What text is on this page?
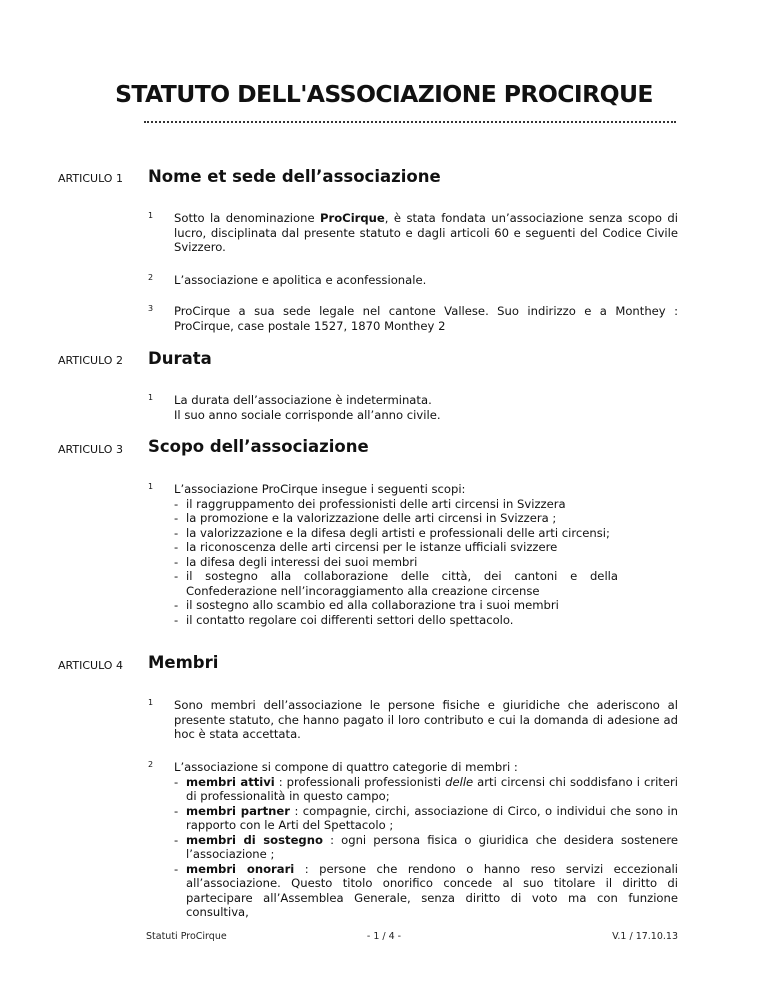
STATUTO DELL'ASSOCIAZIONE PROCIRQUE
ARTICULO 1 Nome et sede dell’associazione
1 Sotto la denominazione ProCirque, è stata fondata un’associazione senza scopo di lucro, disciplinata dal presente statuto e dagli articoli 60 e seguenti del Codice Civile Svizzero.
2 L’associazione e apolitica e aconfessionale.
3 ProCirque a sua sede legale nel cantone Vallese. Suo indirizzo e a Monthey : ProCirque, case postale 1527, 1870 Monthey 2
ARTICULO 2 Durata
1 La durata dell’associazione è indeterminata.
Il suo anno sociale corrisponde all’anno civile.
ARTICULO 3 Scopo dell’associazione
1 L’associazione ProCirque insegue i seguenti scopi:
- il raggruppamento dei professionisti delle arti circensi in Svizzera
- la promozione e la valorizzazione delle arti circensi in Svizzera ;
- la valorizzazione e la difesa degli artisti e professionali delle arti circensi;
- la riconoscenza delle arti circensi per le istanze ufficiali svizzere
- la difesa degli interessi dei suoi membri
- il sostegno alla collaborazione delle città, dei cantoni e della Confederazione nell’incoraggiamento alla creazione circense
- il sostegno allo scambio ed alla collaborazione tra i suoi membri
- il contatto regolare coi differenti settori dello spettacolo.
ARTICULO 4 Membri
1 Sono membri dell’associazione le persone fisiche e giuridiche che aderiscono al presente statuto, che hanno pagato il loro contributo e cui la domanda di adesione ad hoc è stata accettata.
2 L’associazione si compone di quattro categorie di membri :
- membri attivi : professionali professionisti delle arti circensi chi soddisfano i criteri di professionalità in questo campo;
- membri partner : compagnie, circhi, associazione di Circo, o individui che sono in rapporto con le Arti del Spettacolo ;
- membri di sostegno : ogni persona fisica o giuridica che desidera sostenere l’associazione ;
- membri onorari : persone che rendono o hanno reso servizi eccezionali all’associazione. Questo titolo onorifico concede al suo titolare il diritto di partecipare all’Assemblea Generale, senza diritto di voto ma con funzione consultiva,
Statuti ProCirque	- 1 / 4 -	V.1 / 17.10.13
